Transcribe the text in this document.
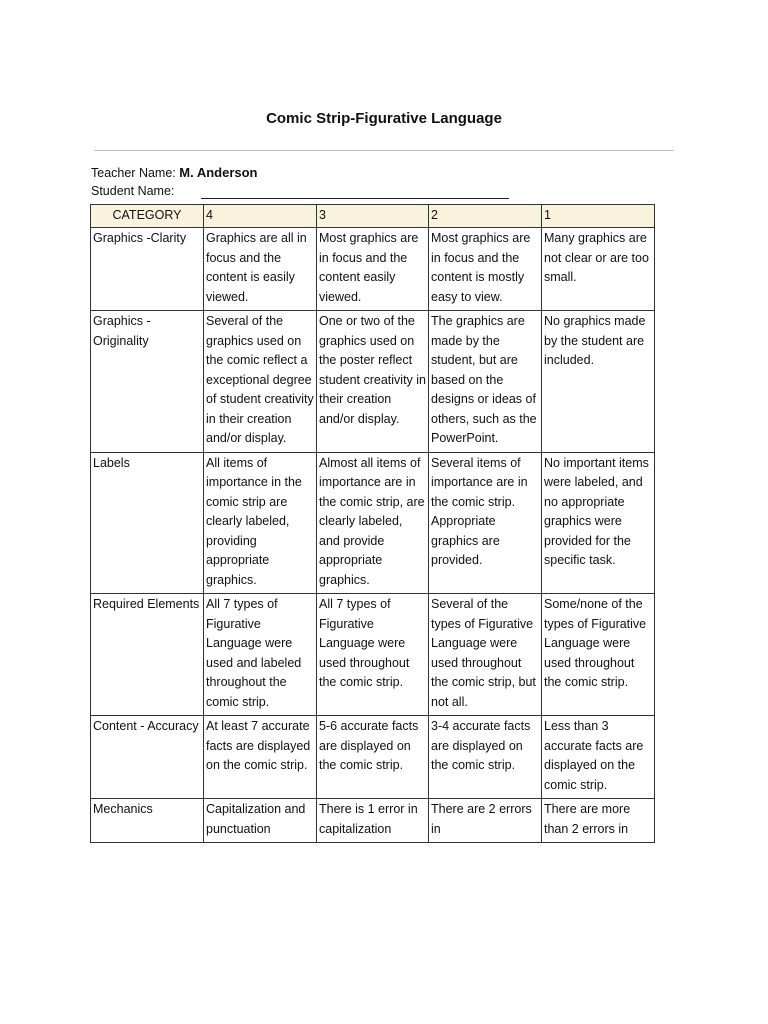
Comic Strip-Figurative Language
Teacher Name: M. Anderson
Student Name:
CATEGORY	4	3	2	1
Graphics -Clarity	Graphics are all in focus and the content is easily viewed.	Most graphics are in focus and the content easily viewed.	Most graphics are in focus and the content is mostly easy to view.	Many graphics are not clear or are too small.
Graphics - Originality	Several of the graphics used on the comic reflect a exceptional degree of student creativity in their creation and/or display.	One or two of the graphics used on the poster reflect student creativity in their creation and/or display.	The graphics are made by the student, but are based on the designs or ideas of others, such as the PowerPoint.	No graphics made by the student are included.
Labels	All items of importance in the comic strip are clearly labeled, providing appropriate graphics.	Almost all items of importance are in the comic strip, are clearly labeled, and provide appropriate graphics.	Several items of importance are in the comic strip. Appropriate graphics are provided.	No important items were labeled, and no appropriate graphics were provided for the specific task.
Required Elements	All 7 types of Figurative Language were used and labeled throughout the comic strip.	All 7 types of Figurative Language were used throughout the comic strip.	Several of the types of Figurative Language were used throughout the comic strip, but not all.	Some/none of the types of Figurative Language were used throughout the comic strip.
Content - Accuracy	At least 7 accurate facts are displayed on the comic strip.	5-6 accurate facts are displayed on the comic strip.	3-4 accurate facts are displayed on the comic strip.	Less than 3 accurate facts are displayed on the comic strip.
Mechanics	Capitalization and punctuation	There is 1 error in capitalization	There are 2 errors in	There are more than 2 errors in
